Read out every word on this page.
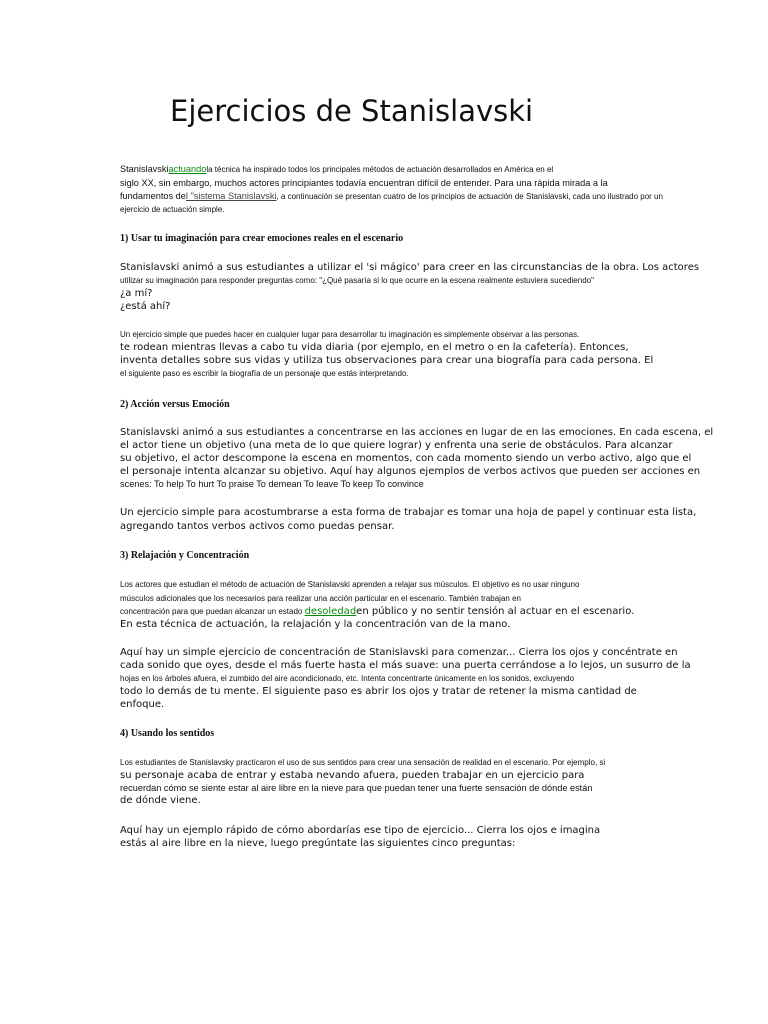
Ejercicios de Stanislavski
Stanislavskiactuandola técnica ha inspirado todos los principales métodos de actuación desarrollados en América en el
siglo XX, sin embargo, muchos actores principiantes todavía encuentran difícil de entender. Para una rápida mirada a la
fundamentos del "sistema Stanislavski, a continuación se presentan cuatro de los principios de actuación de Stanislavski, cada uno ilustrado por un
ejercicio de actuación simple.
1) Usar tu imaginación para crear emociones reales en el escenario
Stanislavski animó a sus estudiantes a utilizar el 'si mágico' para creer en las circunstancias de la obra. Los actores
utilizar su imaginación para responder preguntas como: "¿Qué pasaría si lo que ocurre en la escena realmente estuviera sucediendo"
¿a mí?
¿está ahí?
Un ejercicio simple que puedes hacer en cualquier lugar para desarrollar tu imaginación es simplemente observar a las personas.
te rodean mientras llevas a cabo tu vida diaria (por ejemplo, en el metro o en la cafetería). Entonces,
inventa detalles sobre sus vidas y utiliza tus observaciones para crear una biografía para cada persona. El
el siguiente paso es escribir la biografía de un personaje que estás interpretando.
2) Acción versus Emoción
Stanislavski animó a sus estudiantes a concentrarse en las acciones en lugar de en las emociones. En cada escena, el
el actor tiene un objetivo (una meta de lo que quiere lograr) y enfrenta una serie de obstáculos. Para alcanzar
su objetivo, el actor descompone la escena en momentos, con cada momento siendo un verbo activo, algo que el
el personaje intenta alcanzar su objetivo. Aquí hay algunos ejemplos de verbos activos que pueden ser acciones en
scenes: To help To hurt To praise To demean To leave To keep To convince
Un ejercicio simple para acostumbrarse a esta forma de trabajar es tomar una hoja de papel y continuar esta lista,
agregando tantos verbos activos como puedas pensar.
3) Relajación y Concentración
Los actores que estudian el método de actuación de Stanislavski aprenden a relajar sus músculos. El objetivo es no usar ninguno
músculos adicionales que los necesarios para realizar una acción particular en el escenario. También trabajan en
concentración para que puedan alcanzar un estado desoledaden público y no sentir tensión al actuar en el escenario.
En esta técnica de actuación, la relajación y la concentración van de la mano.
Aquí hay un simple ejercicio de concentración de Stanislavski para comenzar... Cierra los ojos y concéntrate en
cada sonido que oyes, desde el más fuerte hasta el más suave: una puerta cerrándose a lo lejos, un susurro de la
hojas en los árboles afuera, el zumbido del aire acondicionado, etc. Intenta concentrarte únicamente en los sonidos, excluyendo
todo lo demás de tu mente. El siguiente paso es abrir los ojos y tratar de retener la misma cantidad de
enfoque.
4) Usando los sentidos
Los estudiantes de Stanislavsky practicaron el uso de sus sentidos para crear una sensación de realidad en el escenario. Por ejemplo, si
su personaje acaba de entrar y estaba nevando afuera, pueden trabajar en un ejercicio para
recuerdan cómo se siente estar al aire libre en la nieve para que puedan tener una fuerte sensación de dónde están
de dónde viene.
Aquí hay un ejemplo rápido de cómo abordarías ese tipo de ejercicio... Cierra los ojos e imagina
estás al aire libre en la nieve, luego pregúntate las siguientes cinco preguntas:
